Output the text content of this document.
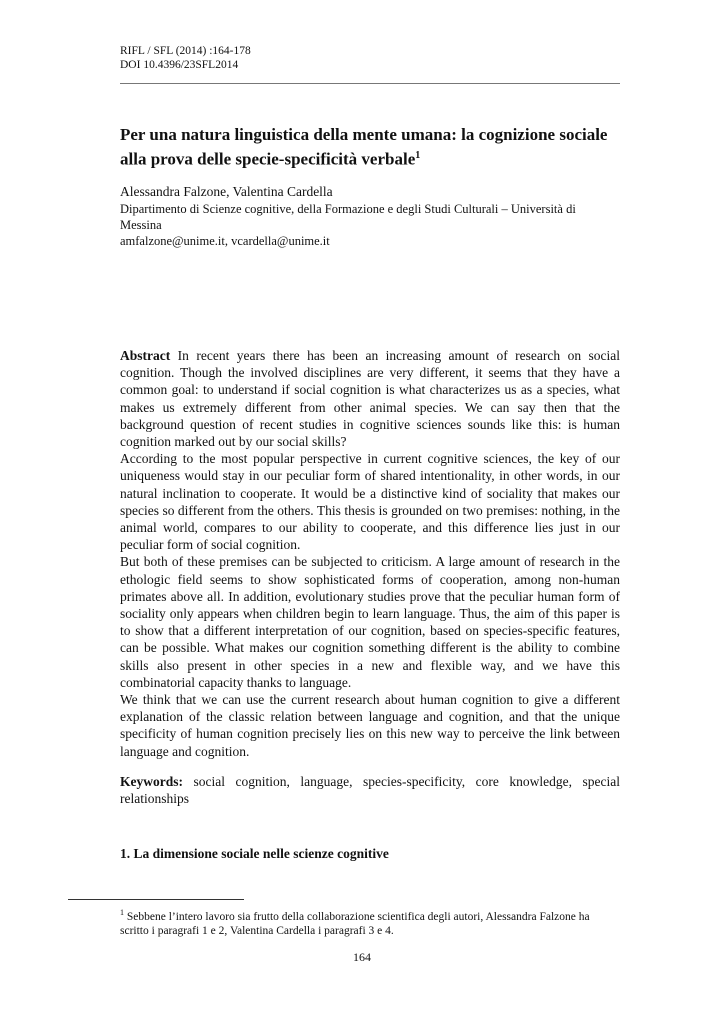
RIFL / SFL (2014) :164-178
DOI 10.4396/23SFL2014
Per una natura linguistica della mente umana: la cognizione sociale alla prova delle specie-specificità verbale$^1$
Alessandra Falzone, Valentina Cardella
Dipartimento di Scienze cognitive, della Formazione e degli Studi Culturali – Università di Messina
amfalzone@unime.it, vcardella@unime.it

Abstract In recent years there has been an increasing amount of research on social cognition. Though the involved disciplines are very different, it seems that they have a common goal: to understand if social cognition is what characterizes us as a species, what makes us extremely different from other animal species. We can say then that the background question of recent studies in cognitive sciences sounds like this: is human cognition marked out by our social skills?

According to the most popular perspective in current cognitive sciences, the key of our uniqueness would stay in our peculiar form of shared intentionality, in other words, in our natural inclination to cooperate. It would be a distinctive kind of sociality that makes our species so different from the others. This thesis is grounded on two premises: nothing, in the animal world, compares to our ability to cooperate, and this difference lies just in our peculiar form of social cognition.

But both of these premises can be subjected to criticism. A large amount of research in the ethologic field seems to show sophisticated forms of cooperation, among non-human primates above all. In addition, evolutionary studies prove that the peculiar human form of sociality only appears when children begin to learn language. Thus, the aim of this paper is to show that a different interpretation of our cognition, based on species-specific features, can be possible. What makes our cognition something different is the ability to combine skills also present in other species in a new and flexible way, and we have this combinatorial capacity thanks to language.

We think that we can use the current research about human cognition to give a different explanation of the classic relation between language and cognition, and that the unique specificity of human cognition precisely lies on this new way to perceive the link between language and cognition.

Keywords: social cognition, language, species-specificity, core knowledge, special relationships
1. La dimensione sociale nelle scienze cognitive
$^1$ Sebbene l’intero lavoro sia frutto della collaborazione scientifica degli autori, Alessandra Falzone ha scritto i paragrafi 1 e 2, Valentina Cardella i paragrafi 3 e 4.
164
